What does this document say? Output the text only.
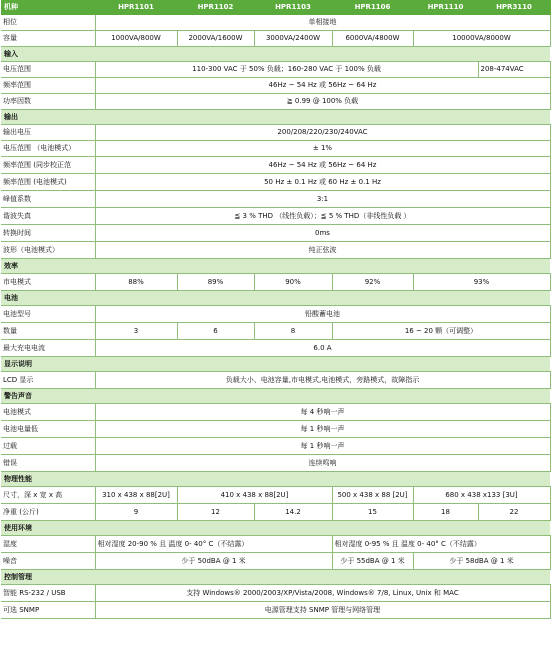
机种	HPR1101	HPR1102	HPR1103	HPR1106	HPR1110	HPR3110
相位	单相接地					
容量	1000VA/800W	2000VA/1600W	3000VA/2400W	6000VA/4800W	10000VA/8000W	
输入						
电压范围	110-300 VAC 于 50% 负载；160-280 VAC 于 100% 负载					208-474VAC
频率范围	46Hz ~ 54 Hz 或 56Hz ~ 64 Hz					
功率因数	≧ 0.99 @ 100% 负载					
输出						
输出电压	200/208/220/230/240VAC					
电压范围 （电池模式）	± 1%					
频率范围 (同步校正范	46Hz ~ 54 Hz 或 56Hz ~ 64 Hz					
频率范围 (电池模式)	50 Hz ± 0.1 Hz 或 60 Hz ± 0.1 Hz					
峰值系数	3:1					
谐波失真	≦ 3 % THD （线性负载）；≦ 5 % THD（非线性负载 ）					
转换时间	0ms					
波形（电池模式）	纯正弦波					
效率						
市电模式	88%	89%	90%	92%	93%	
电池						
电池型号	铅酸蓄电池					
数量	3	6	8	16 ~ 20 颗（可调整）		
最大充电电流	6.0 A					
显示说明						
LCD 显示	负载大小、电池容量,市电模式,电池模式，旁路模式，故障指示					
警告声音						
电池模式	每 4 秒响一声					
电池电量低	每 1 秒响一声					
过载	每 1 秒响一声					
错误	连续鸣响					
物理性能						
尺寸，深 x 宽 x 高	310 x 438 x 88[2U]	410 x 438 x 88[2U]		500 x 438 x 88 [2U]	680 x 438 x133 [3U]	
净重 (公斤)	9	12	14.2	15	18	22
使用环境						
湿度	相对湿度 20-90 % 且 温度 0- 40° C（不结露）			相对湿度 0-95 % 且 温度 0- 40° C（不结露）		
噪音	少于 50dBA @ 1 米			少于 55dBA @ 1 米	少于 58dBA @ 1 米	
控制管理						
智能 RS-232 / USB	支持 Windows® 2000/2003/XP/Vista/2008, Windows® 7/8, Linux, Unix 和 MAC					
可选 SNMP	电源管理支持 SNMP 管理与网络管理					
